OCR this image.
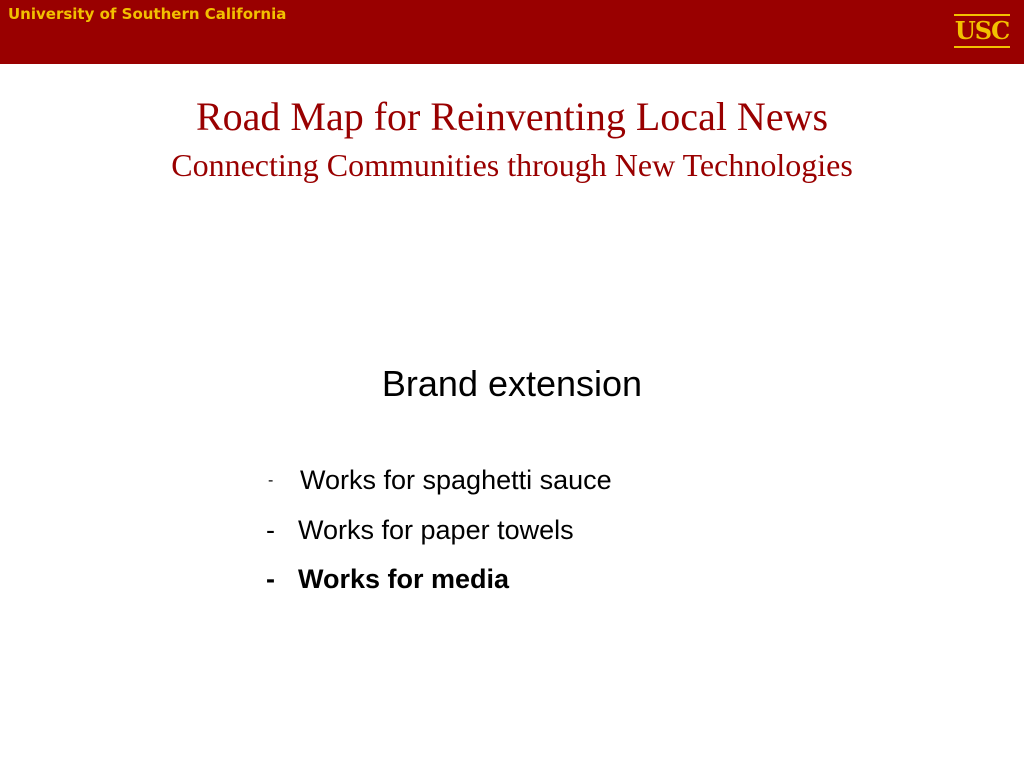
University of Southern California
USC
Road Map for Reinventing Local News
Connecting Communities through New Technologies
Brand extension
- Works for spaghetti sauce
- Works for paper towels
- Works for media
